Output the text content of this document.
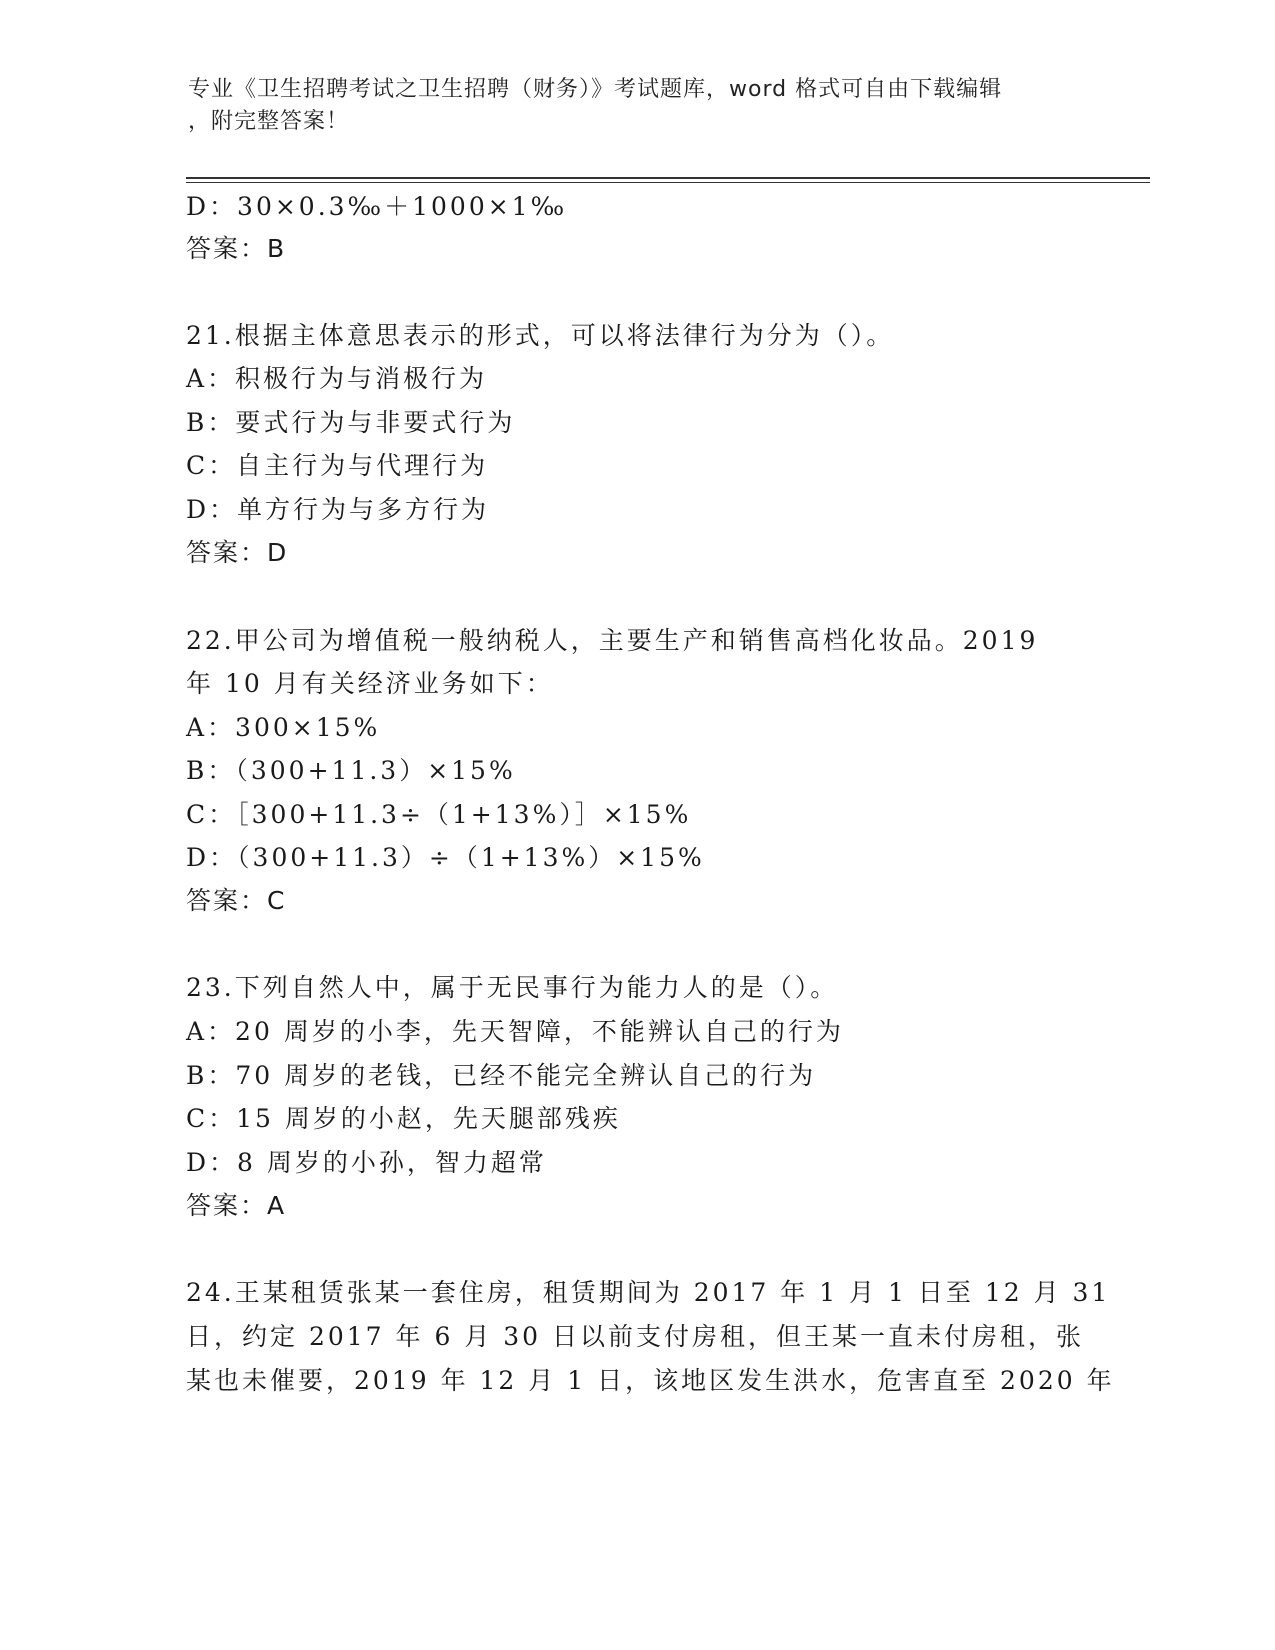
专业《卫生招聘考试之卫生招聘（财务）》考试题库，word 格式可自由下载编辑
，附完整答案！
D：30×0.3‰＋1000×1‰
答案：B
21.根据主体意思表示的形式，可以将法律行为分为（）。
A：积极行为与消极行为
B：要式行为与非要式行为
C：自主行为与代理行为
D：单方行为与多方行为
答案：D
22.甲公司为增值税一般纳税人，主要生产和销售高档化妆品。2019
年 10 月有关经济业务如下：
A：300×15%
B：（300+11.3）×15%
C：［300+11.3÷（1+13%）］×15%
D：（300+11.3）÷（1+13%）×15%
答案：C
23.下列自然人中，属于无民事行为能力人的是（）。
A：20 周岁的小李，先天智障，不能辨认自己的行为
B：70 周岁的老钱，已经不能完全辨认自己的行为
C：15 周岁的小赵，先天腿部残疾
D：8 周岁的小孙，智力超常
答案：A
24.王某租赁张某一套住房，租赁期间为 2017 年 1 月 1 日至 12 月 31
日，约定 2017 年 6 月 30 日以前支付房租，但王某一直未付房租，张
某也未催要，2019 年 12 月 1 日，该地区发生洪水，危害直至 2020 年
